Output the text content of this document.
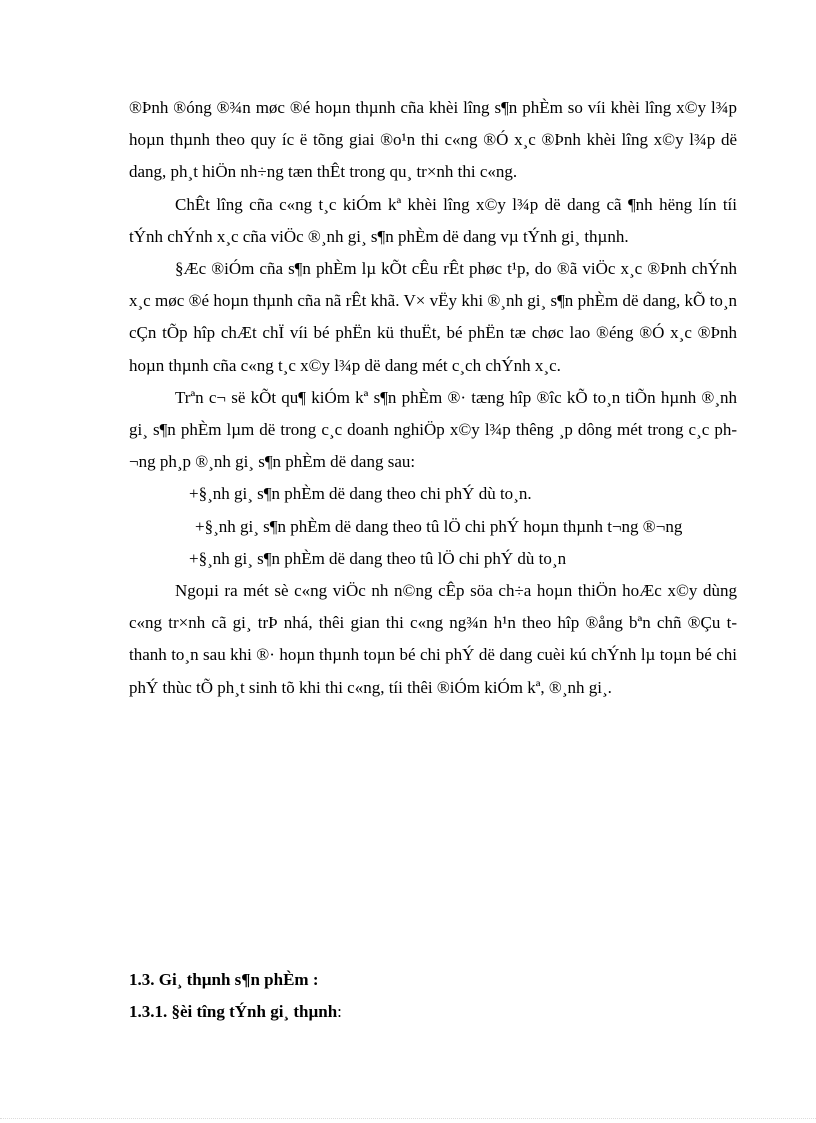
®Þnh ®óng ®¾n møc ®é hoµn thµnh cña khèi lîng s¶n phÈm so víi khèi lîng x©y l¾p hoµn thµnh theo quy íc ë tõng giai ®o¹n thi c«ng ®Ó x¸c ®Þnh khèi lîng x©y l¾p dë dang, ph¸t hiÖn nh÷ng tæn thÊt trong qu¸ tr×nh thi c«ng.

ChÊt lîng cña c«ng t¸c kiÓm kª khèi lîng x©y l¾p dë dang cã ¶nh hëng lín tíi tÝnh chÝnh x¸c cña viÖc ®¸nh gi¸ s¶n phÈm dë dang vµ tÝnh gi¸ thµnh.

§Æc ®iÓm cña s¶n phÈm lµ kÕt cÊu rÊt phøc t¹p, do ®ã viÖc x¸c ®Þnh chÝnh x¸c møc ®é hoµn thµnh cña nã rÊt khã. V× vËy khi ®¸nh gi¸ s¶n phÈm dë dang, kÕ to¸n cÇn tÕp hîp chÆt chÏ víi bé phËn kü thuËt, bé phËn tæ chøc lao ®éng ®Ó x¸c ®Þnh hoµn thµnh cña c«ng t¸c x©y l¾p dë dang mét c¸ch chÝnh x¸c.

Trªn c¬ së kÕt qu¶ kiÓm kª s¶n phÈm ®· tæng hîp ®îc kÕ to¸n tiÕn hµnh ®¸nh gi¸ s¶n phÈm lµm dë trong c¸c doanh nghiÖp x©y l¾p thêng ¸p dông mét trong c¸c ph¬ng ph¸p ®¸nh gi¸ s¶n phÈm dë dang sau:

+§¸nh gi¸ s¶n phÈm dë dang theo chi phÝ dù to¸n.

+§¸nh gi¸ s¶n phÈm dë dang theo tû lÖ chi phÝ hoµn thµnh t¬ng ®¬ng

+§¸nh gi¸ s¶n phÈm dë dang theo tû lÖ chi phÝ dù to¸n

Ngoµi ra mét sè c«ng viÖc nh n©ng cÊp söa ch÷a hoµn thiÖn hoÆc x©y dùng c«ng tr×nh cã gi¸ trÞ nhá, thêi gian thi c«ng ng¾n h¹n theo hîp ®ång bªn chñ ®Çu t thanh to¸n sau khi ®· hoµn thµnh toµn bé chi phÝ dë dang cuèi kú chÝnh lµ toµn bé chi phÝ thùc tÕ ph¸t sinh tõ khi thi c«ng, tíi thêi ®iÓm kiÓm kª, ®¸nh gi¸.

1.3. Gi¸ thµnh s¶n phÈm :

1.3.1. §èi tîng tÝnh gi¸ thµnh:
